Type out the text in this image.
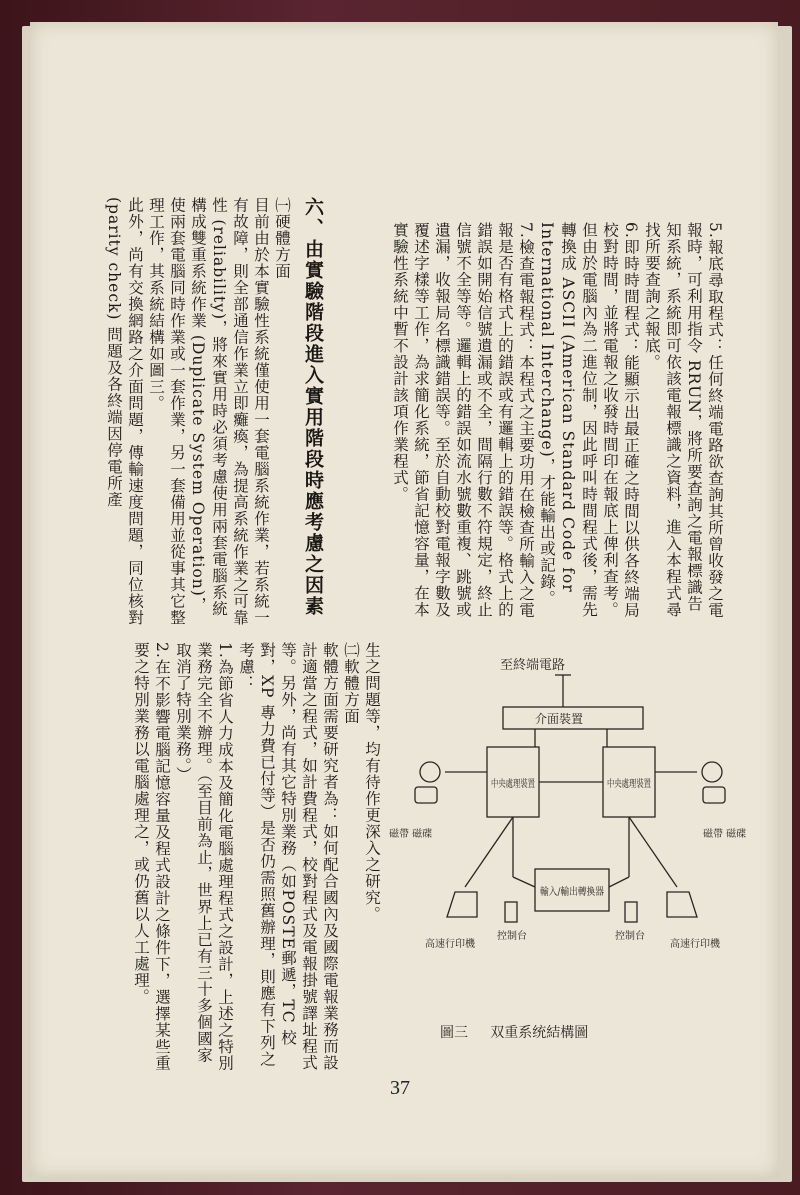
5.報底尋取程式：任何終端電路欲查詢其所曾收發之電報時，可利用指令 RRUN，將所要查詢之電報標識告知系統，系統即可依該電報標識之資料，進入本程式尋找所要查詢之報底。

6.即時時間程式：能顯示出最正確之時間以供各終端局校對時間，並將電報之收發時間印在報底上俾利查考。但由於電腦內為二進位制，因此呼叫時間程式後，需先轉換成 ASCII (American Standard Code for International Interchange)，才能輸出或記錄。

7.檢查電報程式：本程式之主要功用在檢查所輸入之電報是否有格式上的錯誤或有邏輯上的錯誤等。格式上的錯誤如開始信號遺漏或不全，間隔行數不符規定，終止信號不全等等。邏輯上的錯誤如流水號數重複、跳號或遺漏，收報局名標識錯誤等。至於自動校對電報字數及覆述字樣等工作，為求簡化系統，節省記憶容量，在本實驗性系統中暫不設計該項作業程式。

六、由實驗階段進入實用階段時應考慮之因素

㈠硬體方面

目前由於本實驗性系統僅使用一套電腦系統作業，若系統一有故障，則全部通信作業立即癱瘓，為提高系統作業之可靠性 (reliability)，將來實用時必須考慮使用兩套電腦系統構成雙重系統作業 (Duplicate System Operation)，使兩套電腦同時作業或一套作業，另一套備用並從事其它整理工作，其系統結構如圖三。

此外，尚有交換網路之介面問題，傳輸速度問題，同位核對 (parity check) 問題及各終端因停電所產

生之問題等，均有待作更深入之研究。

㈡軟體方面

軟體方面需要研究者為：如何配合國內及國際電報業務而設計適當之程式，如計費程式，校對程式及電報掛號譯址程式等。另外，尚有其它特別業務（如POSTE郵遞，TC 校對，XP 專力費已付等）是否仍需照舊辦理，則應有下列之考慮：

1.為節省人力成本及簡化電腦處理程式之設計，上述之特別業務完全不辦理。（至目前為止，世界上已有三十多個國家取消了特別業務。）

2.在不影響電腦記憶容量及程式設計之條件下，選擇某些重要之特別業務以電腦處理之，或仍舊以人工處理。	至終端電路
介面裝置
中央處理裝置	中央處理裝置
輸入/輸出轉換器
磁帶 磁碟	磁帶 磁碟
高速行印機	高速行印機
控制台	控制台
圖三 双重系统結構圖
37
